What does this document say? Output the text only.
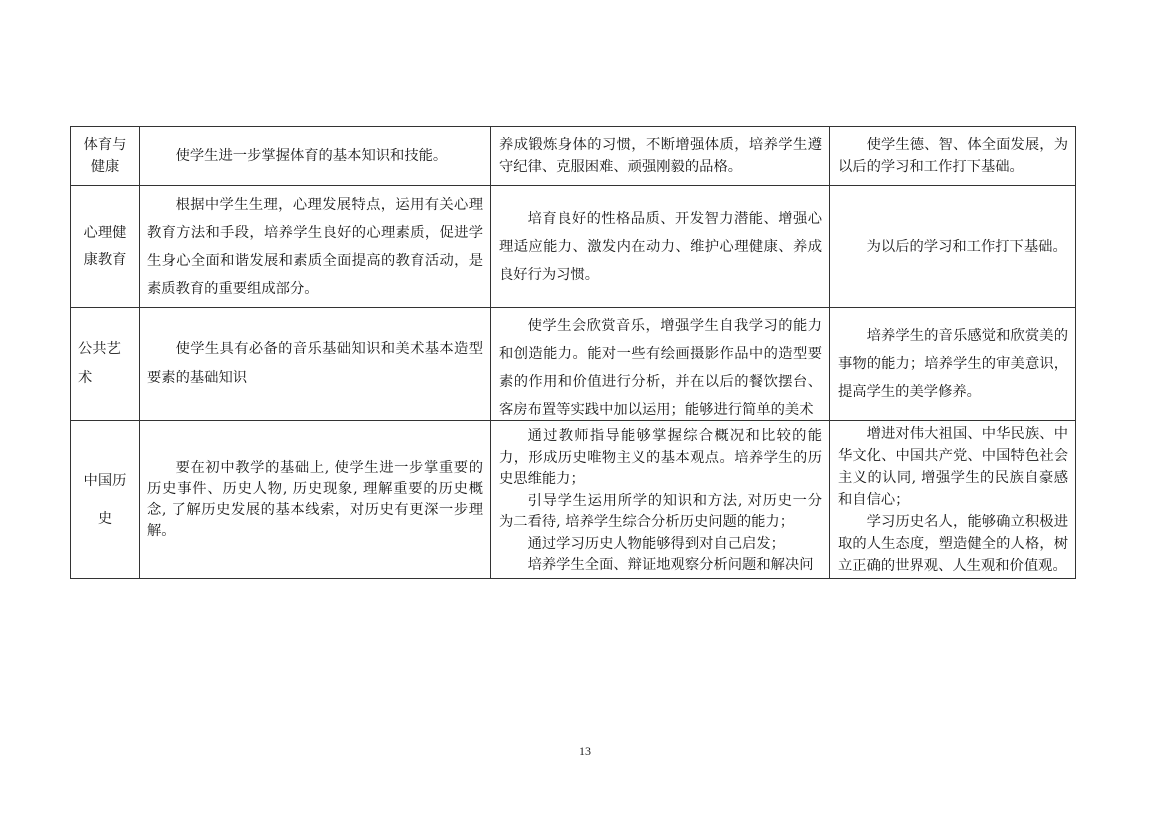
体育与健康

使学生进一步掌握体育的基本知识和技能。

养成锻炼身体的习惯，不断增强体质，培养学生遵守纪律、克服困难、顽强刚毅的品格。

使学生德、智、体全面发展，为以后的学习和工作打下基础。

心理健康教育

根据中学生生理，心理发展特点，运用有关心理教育方法和手段，培养学生良好的心理素质，促进学生身心全面和谐发展和素质全面提高的教育活动，是素质教育的重要组成部分。

培育良好的性格品质、开发智力潜能、增强心理适应能力、激发内在动力、维护心理健康、养成良好行为习惯。

为以后的学习和工作打下基础。

公共艺术

使学生具有必备的音乐基础知识和美术基本造型要素的基础知识

使学生会欣赏音乐，增强学生自我学习的能力和创造能力。能对一些有绘画摄影作品中的造型要素的作用和价值进行分析，并在以后的餐饮摆台、客房布置等实践中加以运用；能够进行简单的美术

培养学生的音乐感觉和欣赏美的事物的能力；培养学生的审美意识，提高学生的美学修养。

中国历史

要在初中教学的基础上, 使学生进一步掌重要的历史事件、历史人物, 历史现象, 理解重要的历史概念, 了解历史发展的基本线索，对历史有更深一步理解。

通过教师指导能够掌握综合概况和比较的能力，形成历史唯物主义的基本观点。培养学生的历史思维能力；

引导学生运用所学的知识和方法, 对历史一分为二看待, 培养学生综合分析历史问题的能力；

通过学习历史人物能够得到对自己启发；

培养学生全面、辩证地观察分析问题和解决问

增进对伟大祖国、中华民族、中华文化、中国共产党、中国特色社会主义的认同, 增强学生的民族自豪感和自信心；

学习历史名人，能够确立积极进取的人生态度，塑造健全的人格，树立正确的世界观、人生观和价值观。

13
